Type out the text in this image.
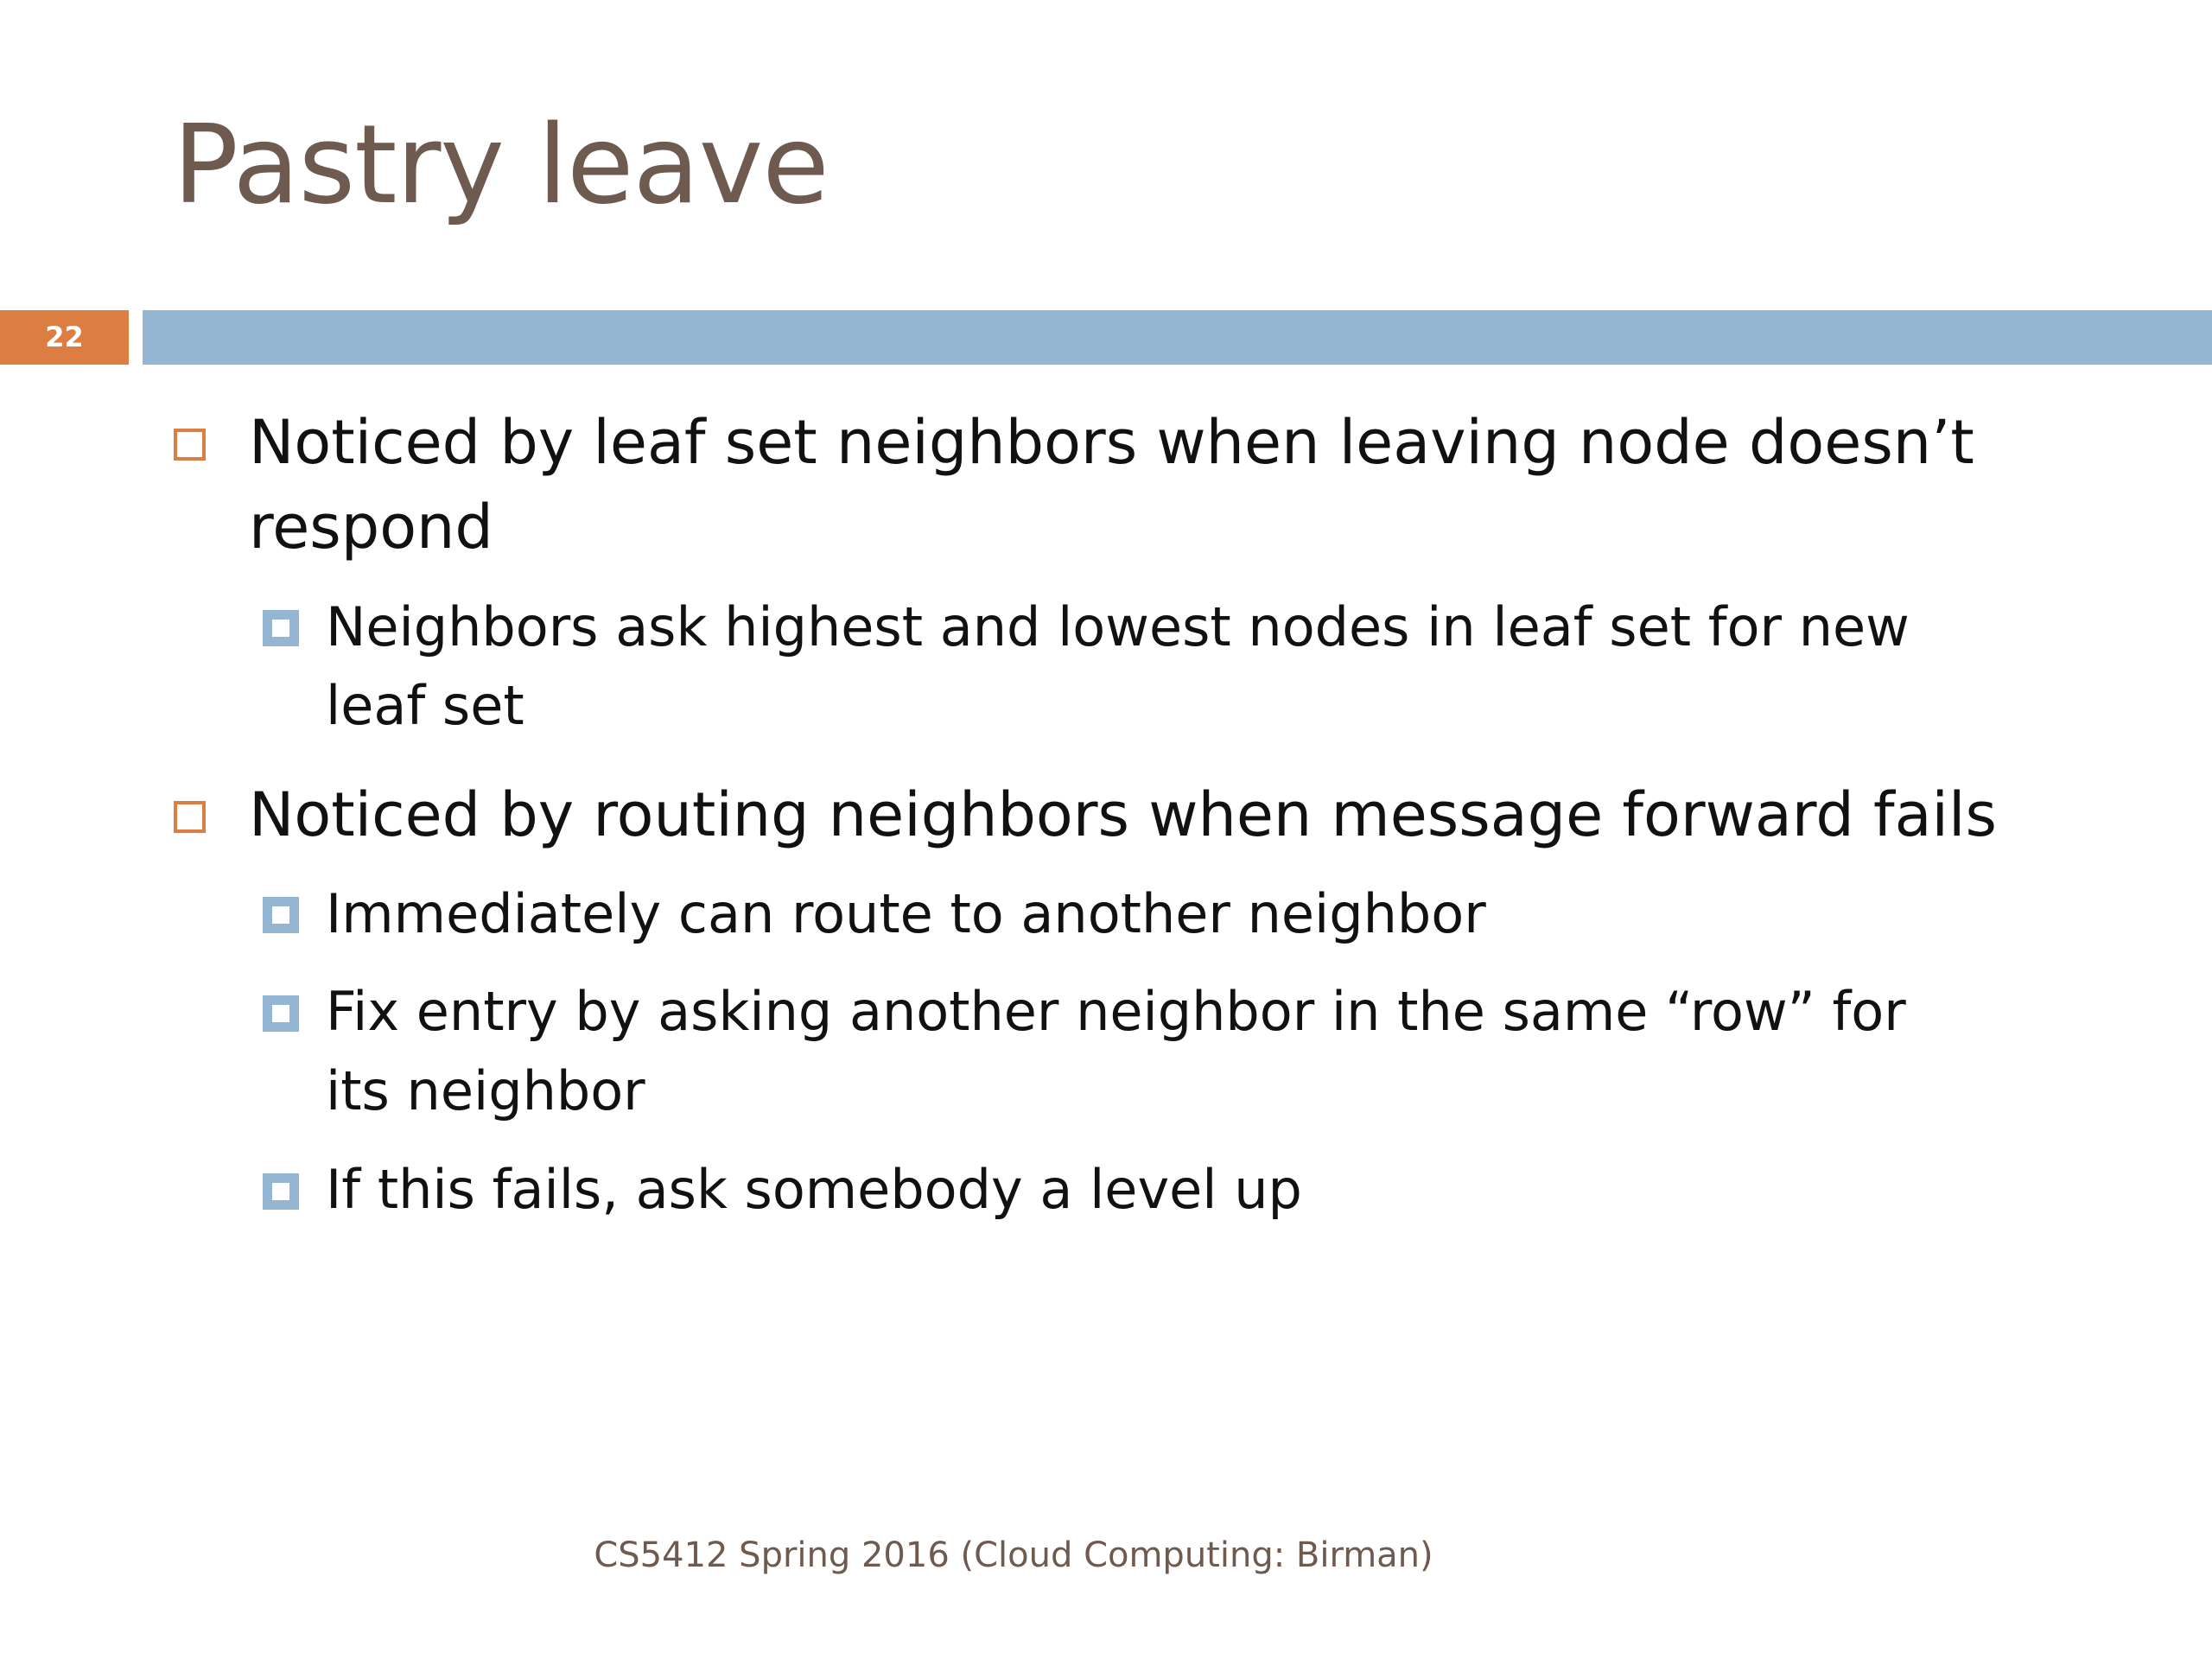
Pastry leave
22
Noticed by leaf set neighbors when leaving node doesn’t
respond
Neighbors ask highest and lowest nodes in leaf set for new
leaf set
Noticed by routing neighbors when message forward fails
Immediately can route to another neighbor
Fix entry by asking another neighbor in the same “row” for
its neighbor
If this fails, ask somebody a level up
CS5412 Spring 2016 (Cloud Computing: Birman)
